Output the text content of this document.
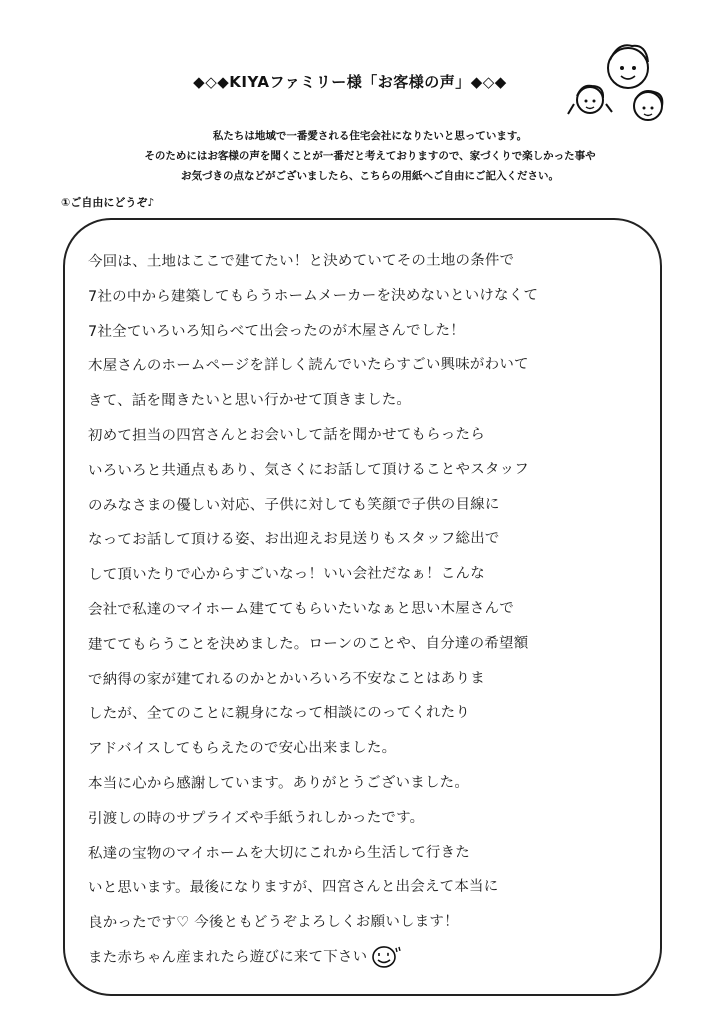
◆◇◆KIYAファミリー様「お客様の声」◆◇◆
私たちは地域で一番愛される住宅会社になりたいと思っています。
そのためにはお客様の声を聞くことが一番だと考えておりますので、家づくりで楽しかった事や
お気づきの点などがございましたら、こちらの用紙へご自由にご記入ください。
①ご自由にどうぞ♪
今回は、土地はここで建てたい！と決めていてその土地の条件で
7社の中から建築してもらうホームメーカーを決めないといけなくて
7社全ていろいろ知らべて出会ったのが木屋さんでした！
木屋さんのホームページを詳しく読んでいたらすごい興味がわいて
きて、話を聞きたいと思い行かせて頂きました。
初めて担当の四宮さんとお会いして話を聞かせてもらったら
いろいろと共通点もあり、気さくにお話して頂けることやスタッフ
のみなさまの優しい対応、子供に対しても笑顔で子供の目線に
なってお話して頂ける姿、お出迎えお見送りもスタッフ総出で
して頂いたりで心からすごいなっ！いい会社だなぁ！こんな
会社で私達のマイホーム建ててもらいたいなぁと思い木屋さんで
建ててもらうことを決めました。ローンのことや、自分達の希望額
で納得の家が建てれるのかとかいろいろ不安なことはありま
したが、全てのことに親身になって相談にのってくれたり
アドバイスしてもらえたので安心出来ました。
本当に心から感謝しています。ありがとうございました。
引渡しの時のサプライズや手紙うれしかったです。
私達の宝物のマイホームを大切にこれから生活して行きた
いと思います。最後になりますが、四宮さんと出会えて本当に
良かったです♡ 今後ともどうぞよろしくお願いします！
また赤ちゃん産まれたら遊びに来て下さい
